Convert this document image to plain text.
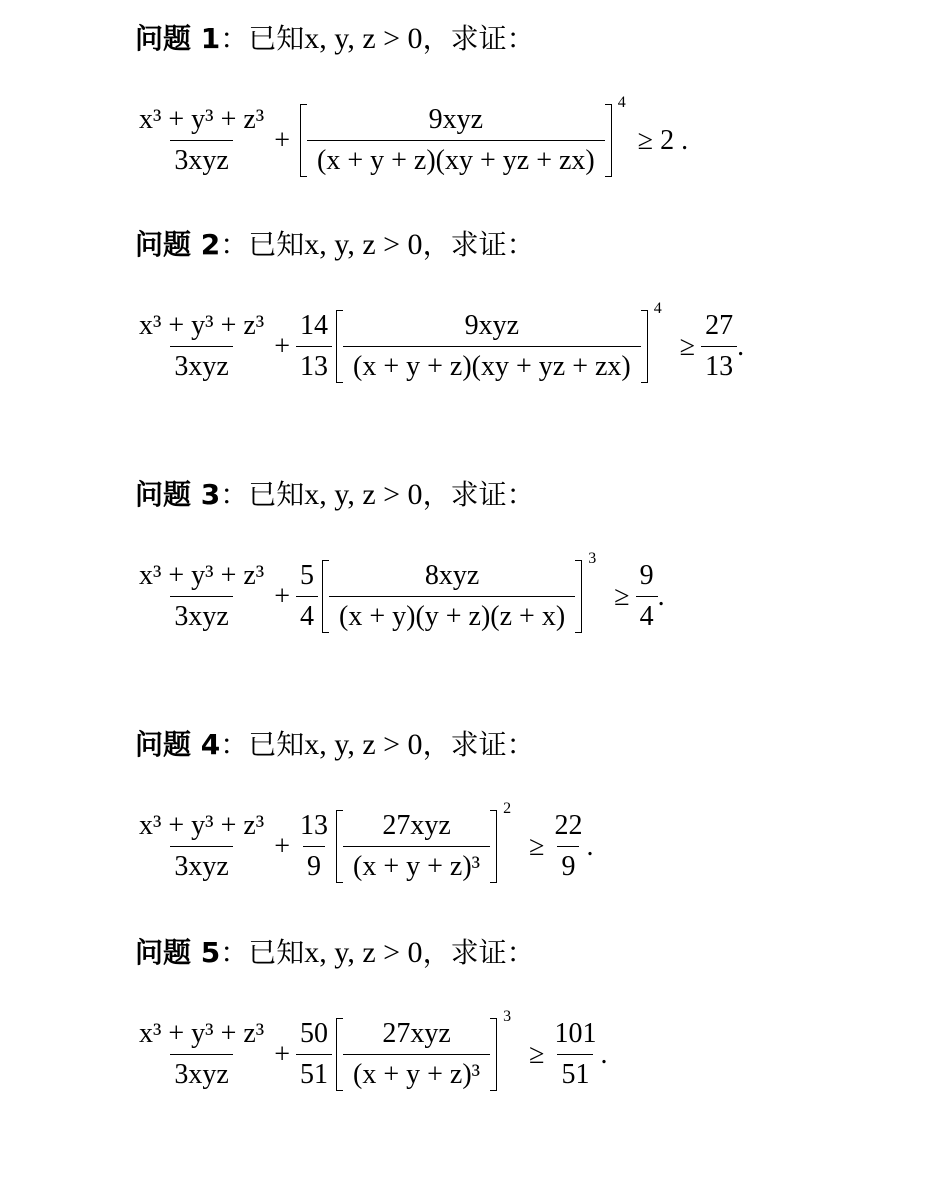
问题 1：已知x, y, z > 0，求证：
$\frac{\text{x³ + y³ + z³}}{\text{3xyz}} + \frac{\text{9xyz}}{(x + y + z)(xy + yz + zx)}$
4
≥ 2 .
问题 2：已知x, y, z > 0，求证：
$\frac{\text{x³ + y³ + z³}}{\text{3xyz}} + \frac{14}{13} \frac{\text{9xyz}}{(x + y + z)(xy + yz + zx)}$
4
≥ $\frac{27}{13}$ .
问题 3：已知x, y, z > 0，求证：
$\frac{\text{x³ + y³ + z³}}{\text{3xyz}} + \frac{5}{4} \frac{\text{8xyz}}{(x + y)(y + z)(z + x)}$
3
≥ $\frac{9}{4}$ .
问题 4：已知x, y, z > 0，求证：
$\frac{\text{x³ + y³ + z³}}{\text{3xyz}} + \frac{13}{9} \frac{\text{27xyz}}{\text{(x + y + z)³}}$
2
≥ $\frac{22}{9}$ .
问题 5：已知x, y, z > 0，求证：
$\frac{\text{x³ + y³ + z³}}{\text{3xyz}} + \frac{50}{51} \frac{\text{27xyz}}{\text{(x + y + z)³}}$
3
≥ $\frac{101}{51}$ .
